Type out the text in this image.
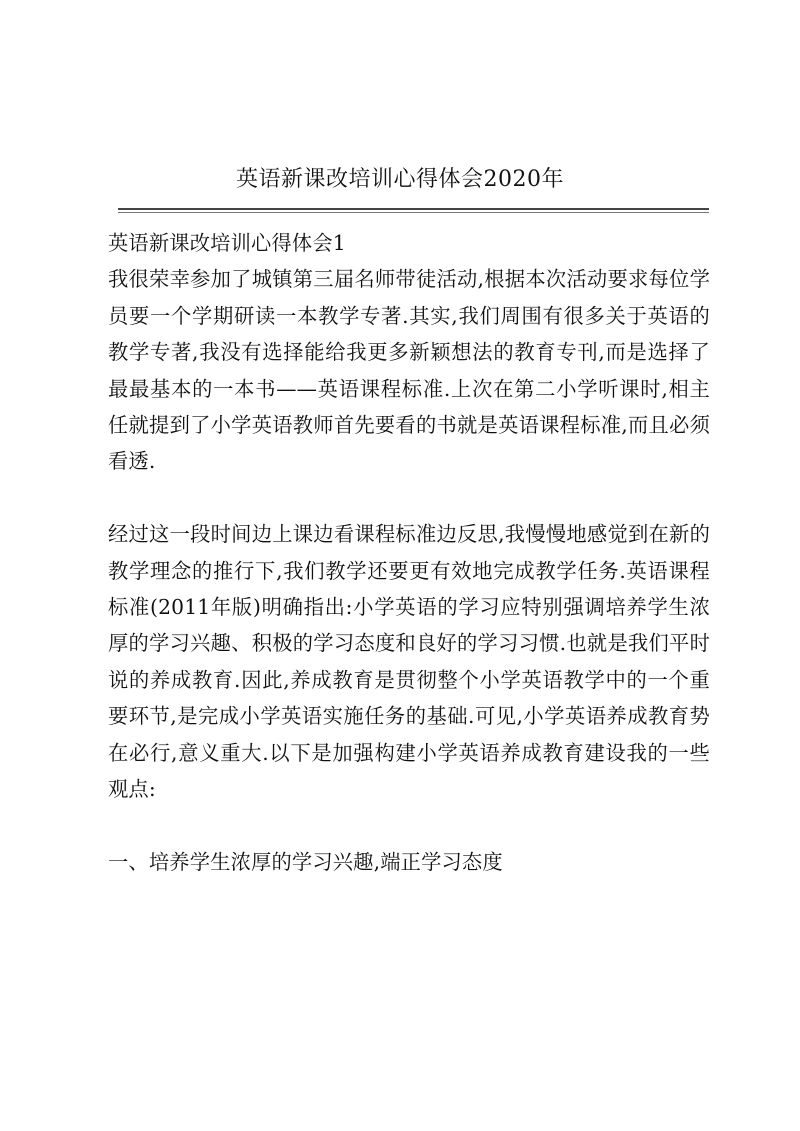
英语新课改培训心得体会2020年

英语新课改培训心得体会1

我很荣幸参加了城镇第三届名师带徒活动,根据本次活动要求每位学员要一个学期研读一本教学专著.其实,我们周围有很多关于英语的教学专著,我没有选择能给我更多新颖想法的教育专刊,而是选择了最最基本的一本书——英语课程标准.上次在第二小学听课时,相主任就提到了小学英语教师首先要看的书就是英语课程标准,而且必须看透.

经过这一段时间边上课边看课程标准边反思,我慢慢地感觉到在新的教学理念的推行下,我们教学还要更有效地完成教学任务.英语课程标准(2011年版)明确指出:小学英语的学习应特别强调培养学生浓厚的学习兴趣、积极的学习态度和良好的学习习惯.也就是我们平时说的养成教育.因此,养成教育是贯彻整个小学英语教学中的一个重要环节,是完成小学英语实施任务的基础.可见,小学英语养成教育势在必行,意义重大.以下是加强构建小学英语养成教育建设我的一些观点:

一、培养学生浓厚的学习兴趣,端正学习态度
